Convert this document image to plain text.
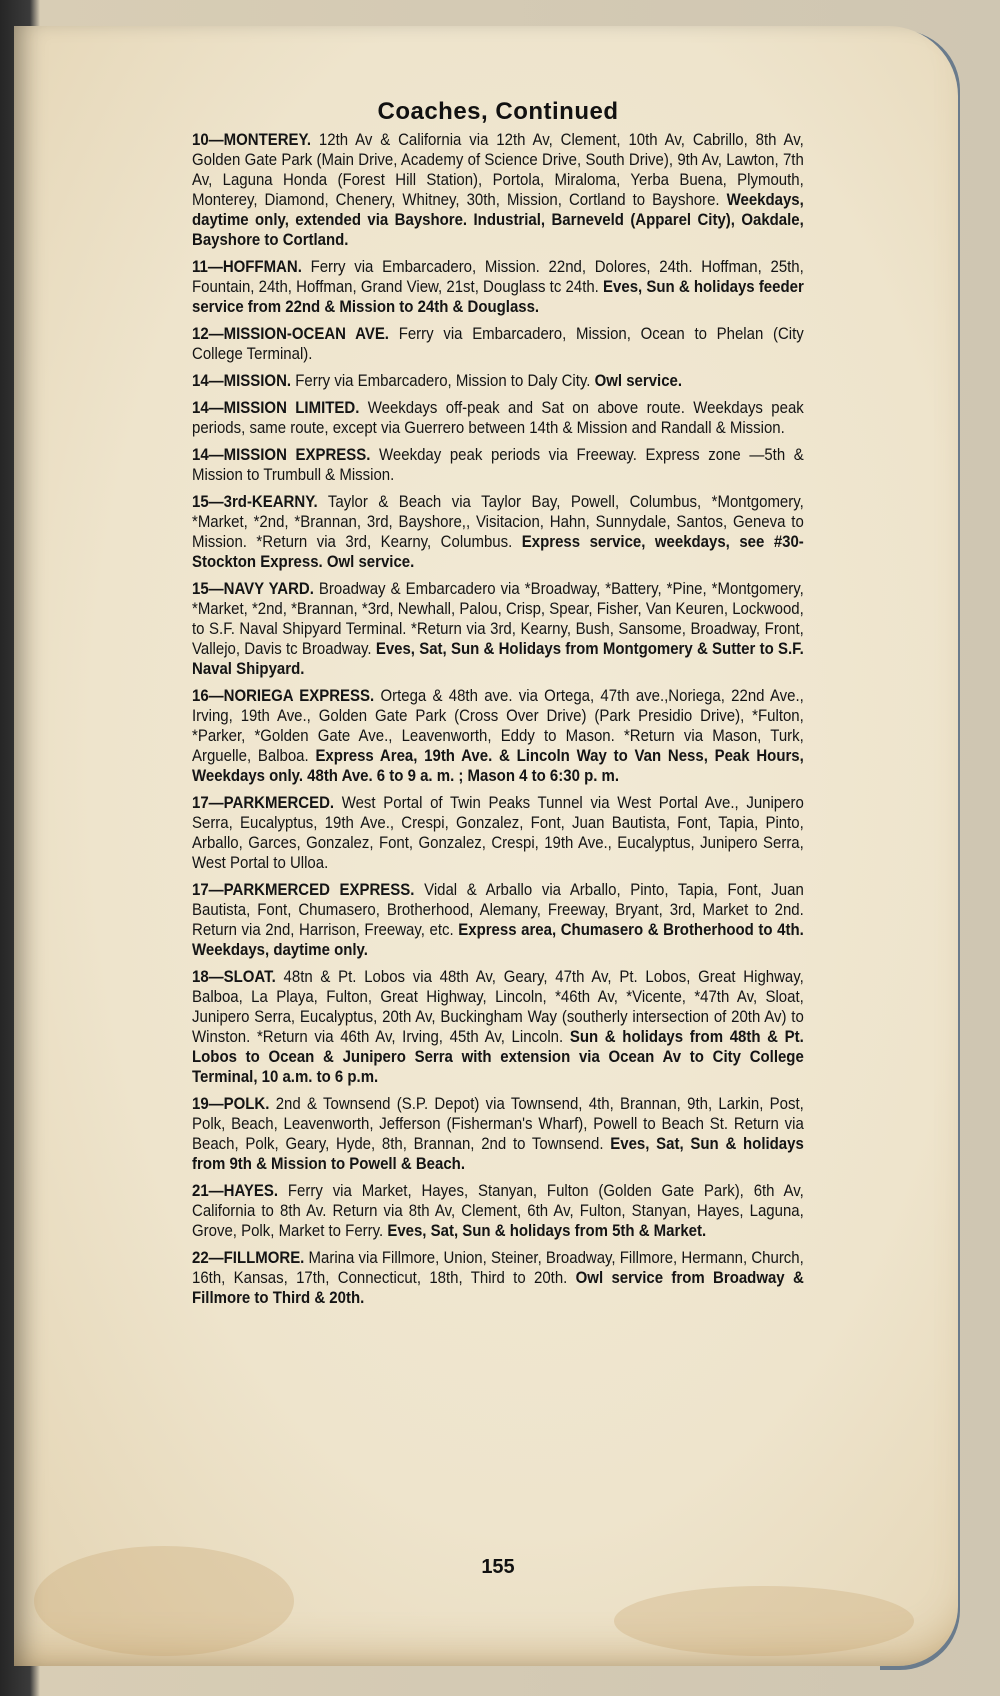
Coaches, Continued

10—MONTEREY. 12th Av & California via 12th Av, Clement, 10th Av, Cabrillo, 8th Av, Golden Gate Park (Main Drive, Academy of Science Drive, South Drive), 9th Av, Lawton, 7th Av, Laguna Honda (Forest Hill Station), Portola, Miraloma, Yerba Buena, Plymouth, Monterey, Diamond, Chenery, Whitney, 30th, Mission, Cortland to Bayshore. Weekdays, daytime only, extended via Bayshore. Industrial, Barneveld (Apparel City), Oakdale, Bayshore to Cortland.

11—HOFFMAN. Ferry via Embarcadero, Mission. 22nd, Dolores, 24th. Hoffman, 25th, Fountain, 24th, Hoffman, Grand View, 21st, Douglass tc 24th. Eves, Sun & holidays feeder service from 22nd & Mission to 24th & Douglass.

12—MISSION-OCEAN AVE. Ferry via Embarcadero, Mission, Ocean to Phelan (City College Terminal).

14—MISSION. Ferry via Embarcadero, Mission to Daly City. Owl service.

14—MISSION LIMITED. Weekdays off-peak and Sat on above route. Weekdays peak periods, same route, except via Guerrero between 14th & Mission and Randall & Mission.

14—MISSION EXPRESS. Weekday peak periods via Freeway. Express zone —5th & Mission to Trumbull & Mission.

15—3rd-KEARNY. Taylor & Beach via Taylor Bay, Powell, Columbus, *Montgomery, *Market, *2nd, *Brannan, 3rd, Bayshore,, Visitacion, Hahn, Sunnydale, Santos, Geneva to Mission. *Return via 3rd, Kearny, Columbus. Express service, weekdays, see #30-Stockton Express. Owl service.

15—NAVY YARD. Broadway & Embarcadero via *Broadway, *Battery, *Pine, *Montgomery, *Market, *2nd, *Brannan, *3rd, Newhall, Palou, Crisp, Spear, Fisher, Van Keuren, Lockwood, to S.F. Naval Shipyard Terminal. *Return via 3rd, Kearny, Bush, Sansome, Broadway, Front, Vallejo, Davis tc Broadway. Eves, Sat, Sun & Holidays from Montgomery & Sutter to S.F. Naval Shipyard.

16—NORIEGA EXPRESS. Ortega & 48th ave. via Ortega, 47th ave.,Noriega, 22nd Ave., Irving, 19th Ave., Golden Gate Park (Cross Over Drive) (Park Presidio Drive), *Fulton, *Parker, *Golden Gate Ave., Leavenworth, Eddy to Mason. *Return via Mason, Turk, Arguelle, Balboa. Express Area, 19th Ave. & Lincoln Way to Van Ness, Peak Hours, Weekdays only. 48th Ave. 6 to 9 a. m. ; Mason 4 to 6:30 p. m.

17—PARKMERCED. West Portal of Twin Peaks Tunnel via West Portal Ave., Junipero Serra, Eucalyptus, 19th Ave., Crespi, Gonzalez, Font, Juan Bautista, Font, Tapia, Pinto, Arballo, Garces, Gonzalez, Font, Gonzalez, Crespi, 19th Ave., Eucalyptus, Junipero Serra, West Portal to Ulloa.

17—PARKMERCED EXPRESS. Vidal & Arballo via Arballo, Pinto, Tapia, Font, Juan Bautista, Font, Chumasero, Brotherhood, Alemany, Freeway, Bryant, 3rd, Market to 2nd. Return via 2nd, Harrison, Freeway, etc. Express area, Chumasero & Brotherhood to 4th. Weekdays, daytime only.

18—SLOAT. 48tn & Pt. Lobos via 48th Av, Geary, 47th Av, Pt. Lobos, Great Highway, Balboa, La Playa, Fulton, Great Highway, Lincoln, *46th Av, *Vicente, *47th Av, Sloat, Junipero Serra, Eucalyptus, 20th Av, Buckingham Way (southerly intersection of 20th Av) to Winston. *Return via 46th Av, Irving, 45th Av, Lincoln. Sun & holidays from 48th & Pt. Lobos to Ocean & Junipero Serra with extension via Ocean Av to City College Terminal, 10 a.m. to 6 p.m.

19—POLK. 2nd & Townsend (S.P. Depot) via Townsend, 4th, Brannan, 9th, Larkin, Post, Polk, Beach, Leavenworth, Jefferson (Fisherman's Wharf), Powell to Beach St. Return via Beach, Polk, Geary, Hyde, 8th, Brannan, 2nd to Townsend. Eves, Sat, Sun & holidays from 9th & Mission to Powell & Beach.

21—HAYES. Ferry via Market, Hayes, Stanyan, Fulton (Golden Gate Park), 6th Av, California to 8th Av. Return via 8th Av, Clement, 6th Av, Fulton, Stanyan, Hayes, Laguna, Grove, Polk, Market to Ferry. Eves, Sat, Sun & holidays from 5th & Market.

22—FILLMORE. Marina via Fillmore, Union, Steiner, Broadway, Fillmore, Hermann, Church, 16th, Kansas, 17th, Connecticut, 18th, Third to 20th. Owl service from Broadway & Fillmore to Third & 20th.

155
